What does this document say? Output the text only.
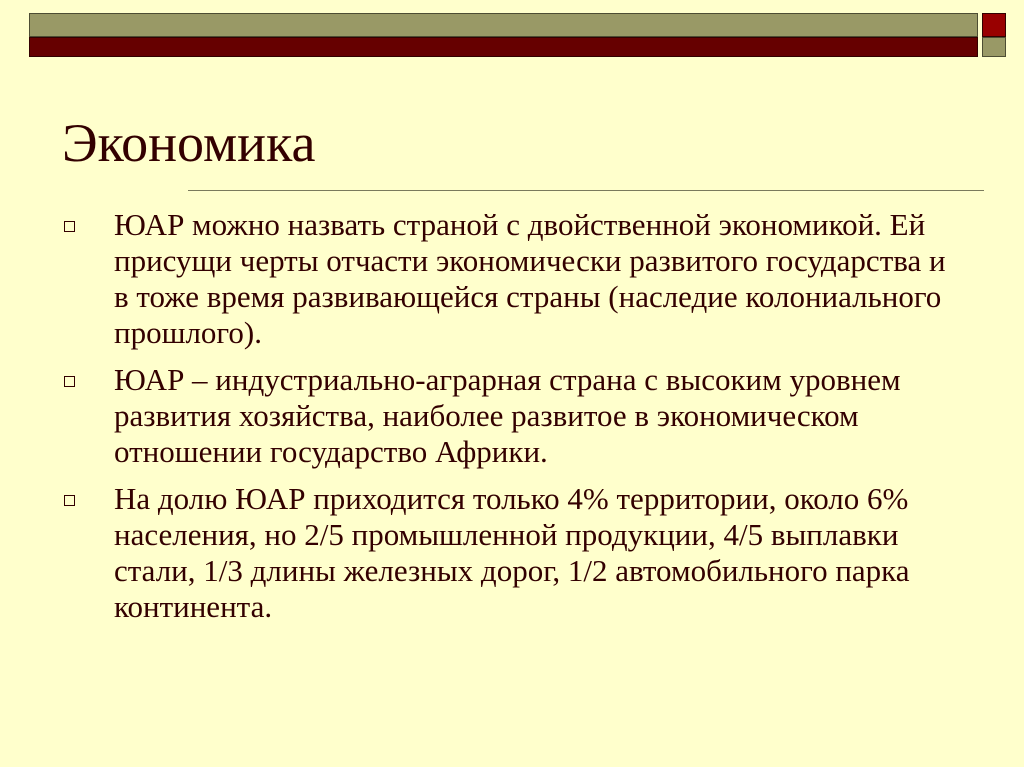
Экономика
ЮАР можно назвать страной с двойственной экономикой. Ей присущи черты отчасти экономически развитого государства и в тоже время развивающейся страны (наследие колониального прошлого).
ЮАР – индустриально-аграрная страна с высоким уровнем развития хозяйства, наиболее развитое в экономическом отношении государство Африки.
На долю ЮАР приходится только 4% территории, около 6% населения, но 2/5 промышленной продукции, 4/5 выплавки стали, 1/3 длины железных дорог, 1/2 автомобильного парка континента.
